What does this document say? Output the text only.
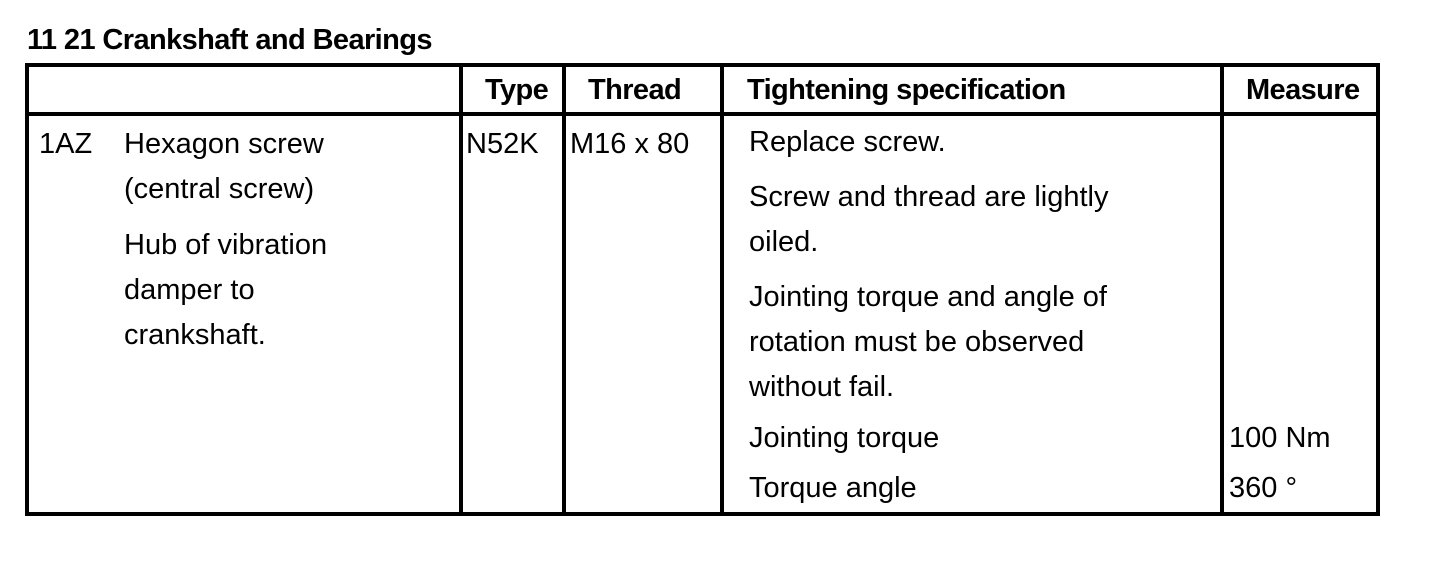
11 21 Crankshaft and Bearings
Type Thread Tightening specification	Measure
1AZ Hexagon screw
(central screw)
Hub of vibration
damper to
crankshaft.
N52K M16 x 80 Replace screw.
Screw and thread are lightly
oiled.
Jointing torque and angle of
rotation must be observed
without fail.
Jointing torque
Torque angle
100 Nm
360 °
